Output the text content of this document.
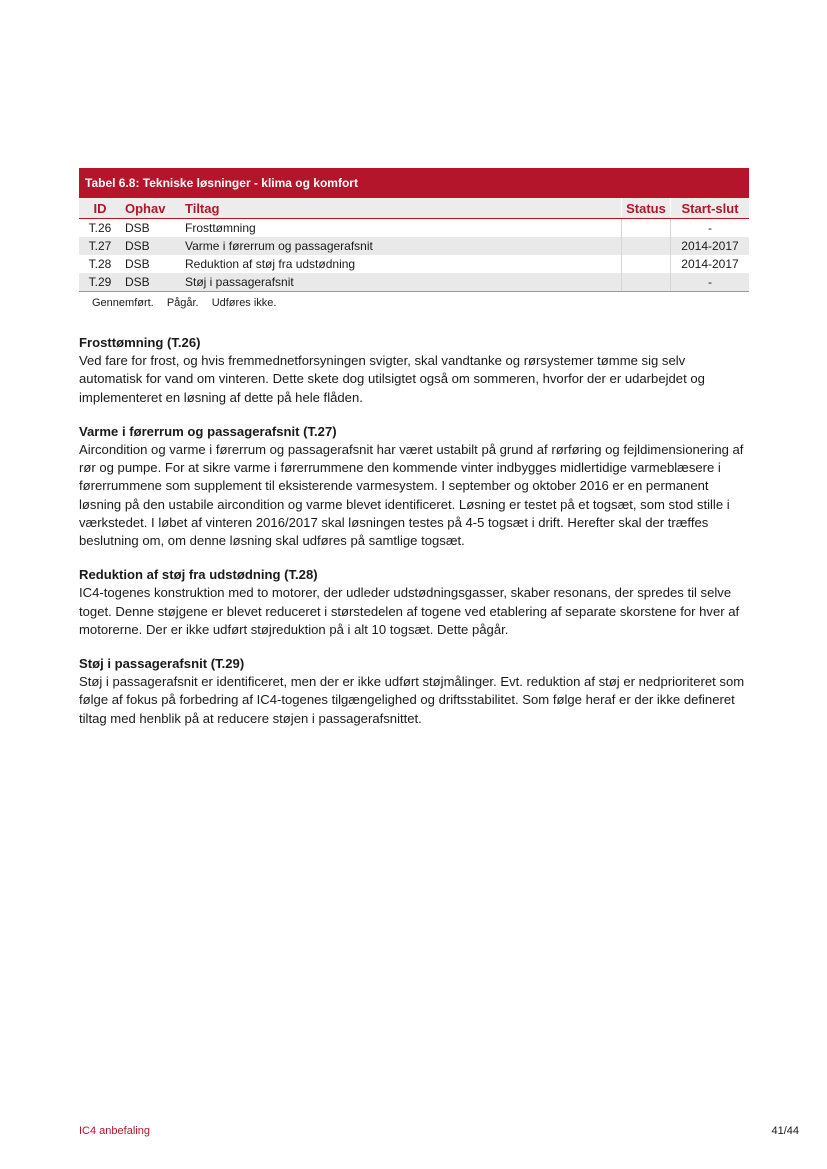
Tabel 6.8: Tekniske løsninger - klima og komfort
ID	Ophav	Tiltag	Status	Start-slut
T.26	DSB	Frosttømning		-
T.27	DSB	Varme i førerrum og passagerafsnit		2014-2017
T.28	DSB	Reduktion af støj fra udstødning		2014-2017
T.29	DSB	Støj i passagerafsnit		-
Gennemført. Pågår. Udføres ikke.
Frosttømning (T.26)

Ved fare for frost, og hvis fremmednetforsyningen svigter, skal vandtanke og rørsystemer tømme sig selv automatisk for vand om vinteren. Dette skete dog utilsigtet også om sommeren, hvorfor der er udarbejdet og implementeret en løsning af dette på hele flåden.

Varme i førerrum og passagerafsnit (T.27)

Aircondition og varme i førerrum og passagerafsnit har været ustabilt på grund af rørføring og fejldimensionering af rør og pumpe. For at sikre varme i førerrummene den kommende vinter indbygges midlertidige varmeblæsere i førerrummene som supplement til eksisterende varmesystem. I september og oktober 2016 er en permanent løsning på den ustabile aircondition og varme blevet identificeret. Løsning er testet på et togsæt, som stod stille i værkstedet. I løbet af vinteren 2016/2017 skal løsningen testes på 4-5 togsæt i drift. Herefter skal der træffes beslutning om, om denne løsning skal udføres på samtlige togsæt.

Reduktion af støj fra udstødning (T.28)

IC4-togenes konstruktion med to motorer, der udleder udstødningsgasser, skaber resonans, der spredes til selve toget. Denne støjgene er blevet reduceret i størstedelen af togene ved etablering af separate skorstene for hver af motorerne. Der er ikke udført støjreduktion på i alt 10 togsæt. Dette pågår.

Støj i passagerafsnit (T.29)

Støj i passagerafsnit er identificeret, men der er ikke udført støjmålinger. Evt. reduktion af støj er nedprioriteret som følge af fokus på forbedring af IC4-togenes tilgængelighed og driftsstabilitet. Som følge heraf er der ikke defineret tiltag med henblik på at reducere støjen i passagerafsnittet.

IC4 anbefaling	41/44
